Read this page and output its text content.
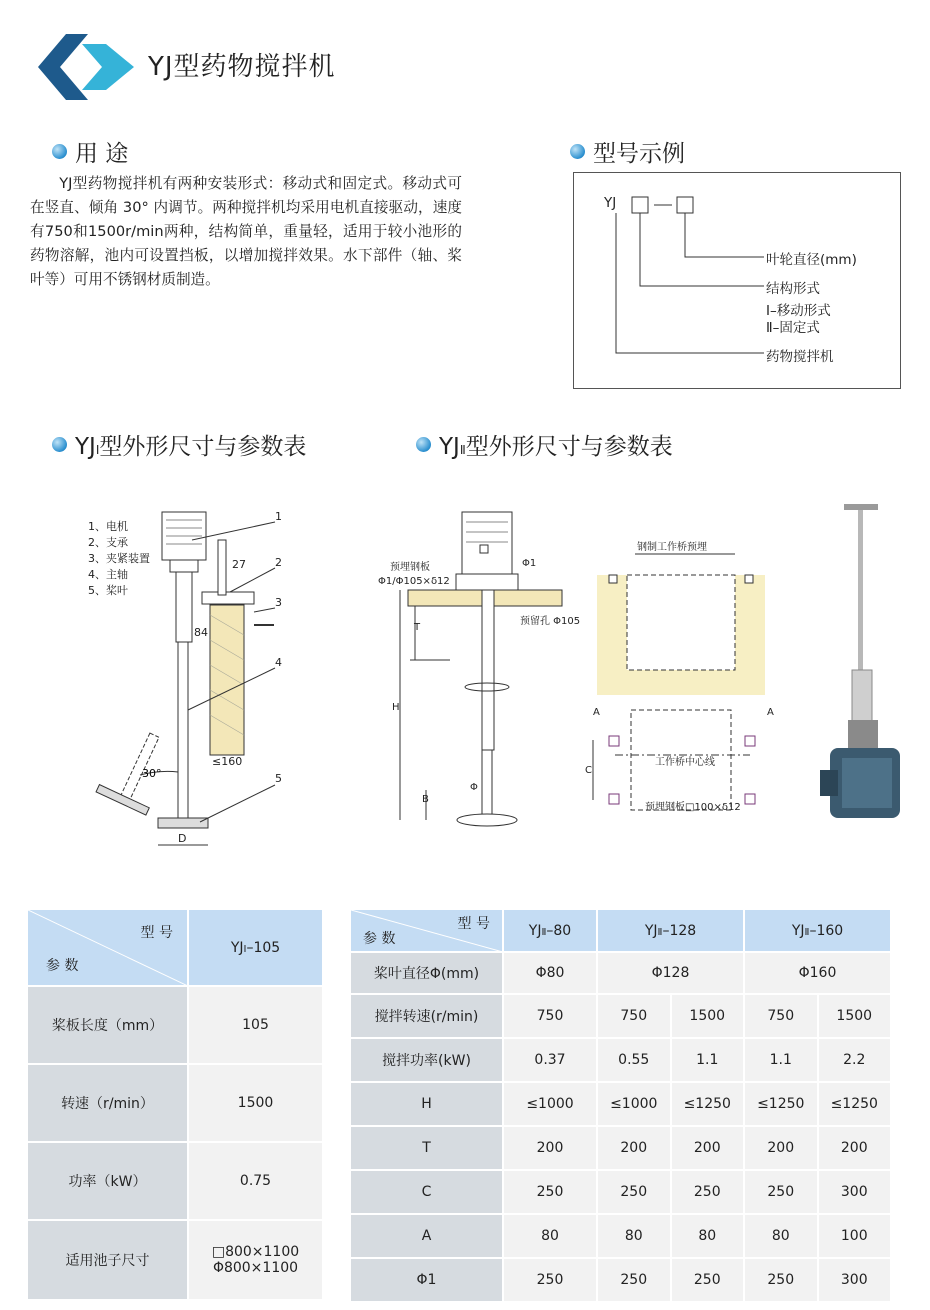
YJ型药物搅拌机
用 途
YJ型药物搅拌机有两种安装形式：移动式和固定式。移动式可在竖直、倾角 30° 内调节。两种搅拌机均采用电机直接驱动，速度有750和1500r/min两种，结构简单，重量轻，适用于较小池形的药物溶解，池内可设置挡板，以增加搅拌效果。水下部件（轴、桨叶等）可用不锈钢材质制造。
型号示例
YJ
叶轮直径(mm)
结构形式
Ⅰ–移动形式
Ⅱ–固定式
药物搅拌机
YJⅠ型外形尺寸与参数表	YJⅡ型外形尺寸与参数表
1、电机
2、支承
3、夹紧装置
4、主轴
5、桨叶
30°
1
2
3
4
5
27
84
≤160
D
预埋钢板
Φ1/Φ105×δ12
Φ1
预留孔 Φ105
T
H
B
Φ
钢制工作桥预埋
A	A
C
工作桥中心线
预埋钢板□100×δ12
型 号
参 数	YJⅠ–105
桨板长度（mm）	105
转速（r/min）	1500
功率（kW）	0.75
适用池子尺寸	□800×1100
Φ800×1100
型 号
参 数	YJⅡ–80	YJⅡ–128		YJⅡ–160	
桨叶直径Φ(mm)	Φ80	Φ128		Φ160	
搅拌转速(r/min)	750	750	1500	750	1500
搅拌功率(kW)	0.37	0.55	1.1	1.1	2.2
H	≤1000	≤1000	≤1250	≤1250	≤1250
T	200	200	200	200	200
C	250	250	250	250	300
A	80	80	80	80	100
Φ1	250	250	250	250	300
